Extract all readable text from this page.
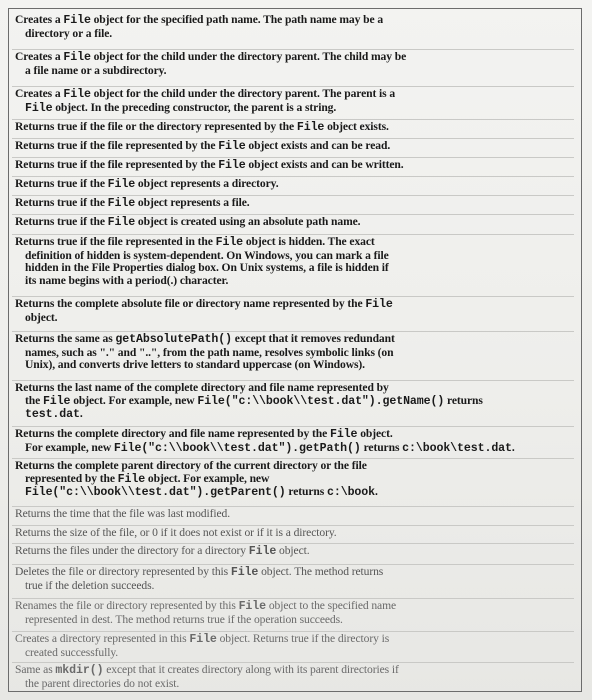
Creates a File object for the specified path name. The path name may be a
directory or a file.
Creates a File object for the child under the directory parent. The child may be
a file name or a subdirectory.
Creates a File object for the child under the directory parent. The parent is a
File object. In the preceding constructor, the parent is a string.
Returns true if the file or the directory represented by the File object exists.
Returns true if the file represented by the File object exists and can be read.
Returns true if the file represented by the File object exists and can be written.
Returns true if the File object represents a directory.
Returns true if the File object represents a file.
Returns true if the File object is created using an absolute path name.
Returns true if the file represented in the File object is hidden. The exact
definition of hidden is system-dependent. On Windows, you can mark a file
hidden in the File Properties dialog box. On Unix systems, a file is hidden if
its name begins with a period(.) character.
Returns the complete absolute file or directory name represented by the File
object.
Returns the same as getAbsolutePath() except that it removes redundant
names, such as "." and "..", from the path name, resolves symbolic links (on
Unix), and converts drive letters to standard uppercase (on Windows).
Returns the last name of the complete directory and file name represented by
the File object. For example, new File("c:\\book\\test.dat").getName() returns
test.dat.
Returns the complete directory and file name represented by the File object.
For example, new File("c:\\book\\test.dat").getPath() returns c:\book\test.dat.
Returns the complete parent directory of the current directory or the file
represented by the File object. For example, new
File("c:\\book\\test.dat").getParent() returns c:\book.
Returns the time that the file was last modified.
Returns the size of the file, or 0 if it does not exist or if it is a directory.
Returns the files under the directory for a directory File object.
Deletes the file or directory represented by this File object. The method returns
true if the deletion succeeds.
Renames the file or directory represented by this File object to the specified name
represented in dest. The method returns true if the operation succeeds.
Creates a directory represented in this File object. Returns true if the directory is
created successfully.
Same as mkdir() except that it creates directory along with its parent directories if
the parent directories do not exist.
